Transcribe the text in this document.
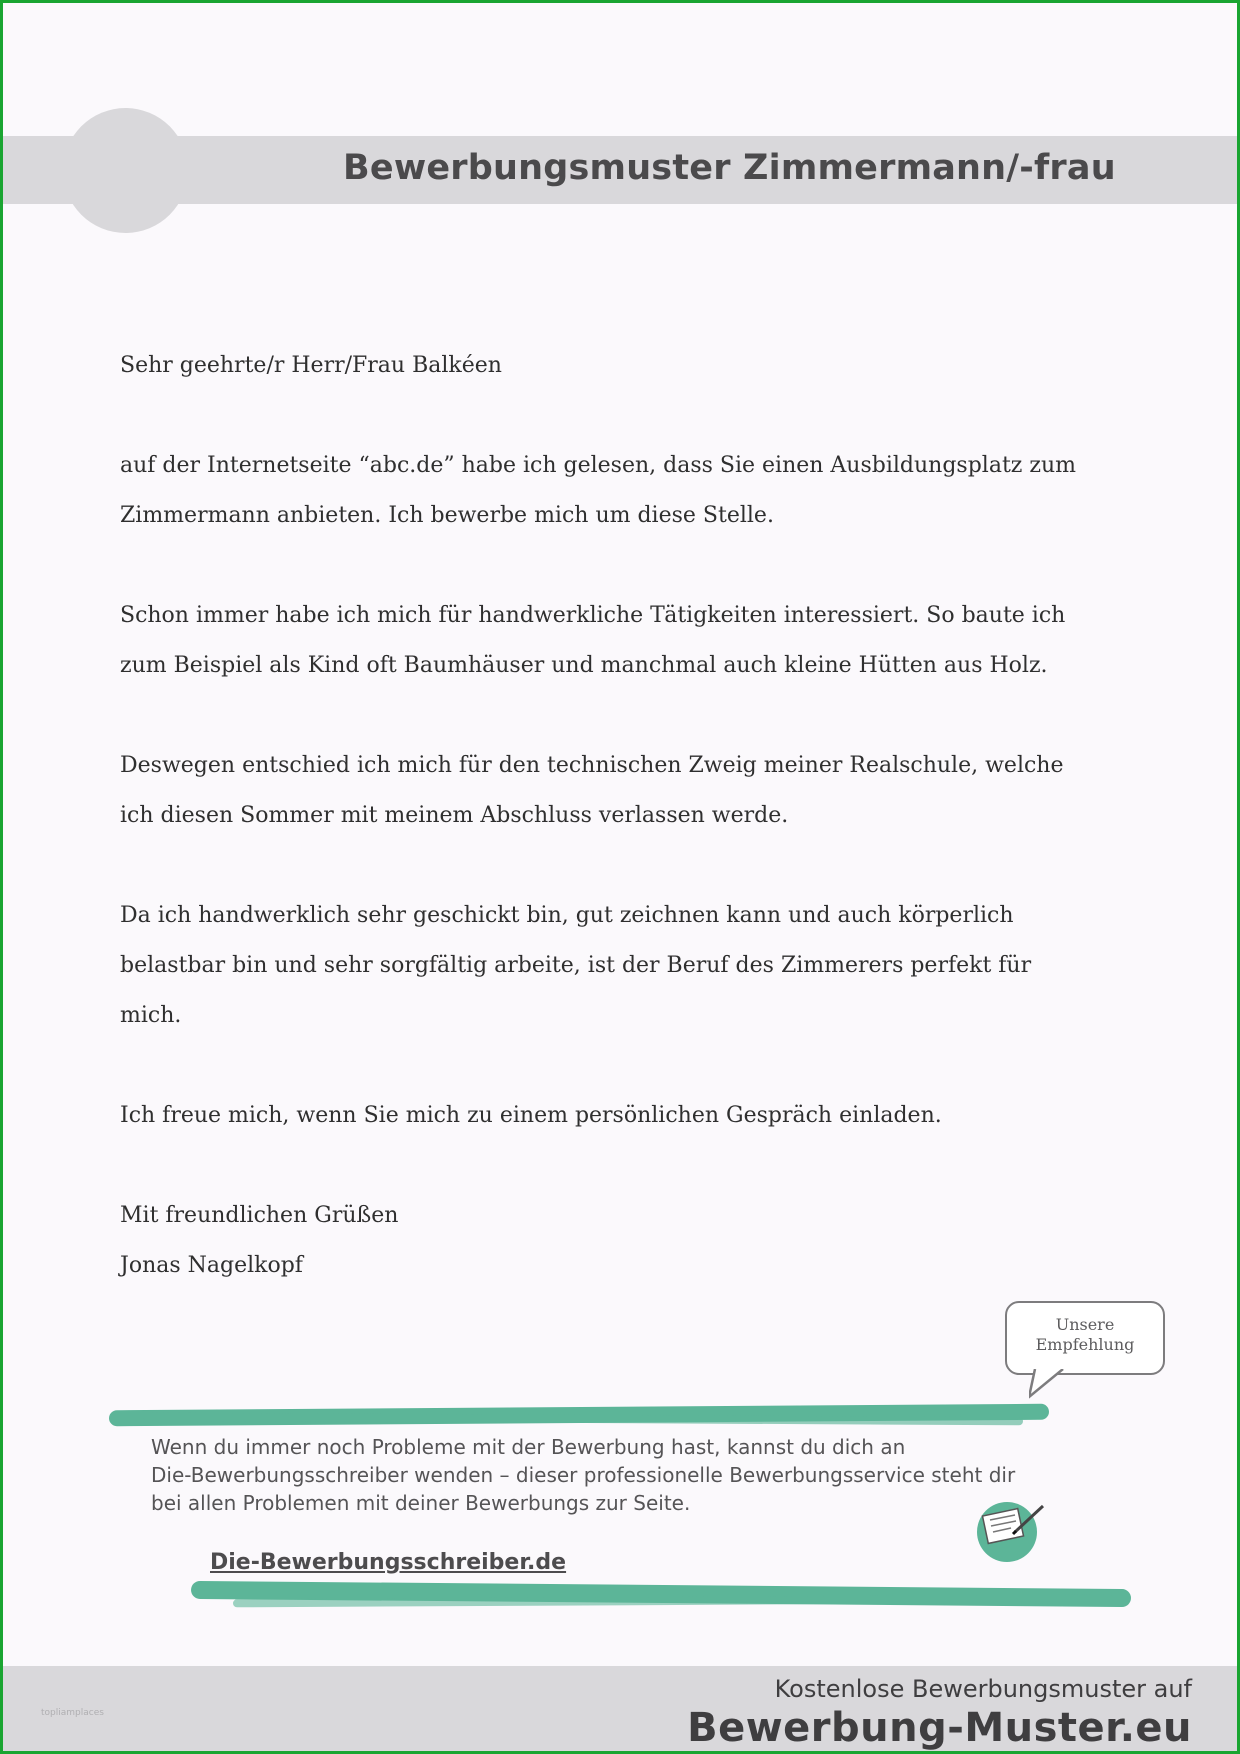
Bewerbungsmuster Zimmermann/-frau

Sehr geehrte/r Herr/Frau Balkéen

auf der Internetseite “abc.de” habe ich gelesen, dass Sie einen Ausbildungsplatz zum

Zimmermann anbieten. Ich bewerbe mich um diese Stelle.

Schon immer habe ich mich für handwerkliche Tätigkeiten interessiert. So baute ich

zum Beispiel als Kind oft Baumhäuser und manchmal auch kleine Hütten aus Holz.

Deswegen entschied ich mich für den technischen Zweig meiner Realschule, welche

ich diesen Sommer mit meinem Abschluss verlassen werde.

Da ich handwerklich sehr geschickt bin, gut zeichnen kann und auch körperlich

belastbar bin und sehr sorgfältig arbeite, ist der Beruf des Zimmerers perfekt für

mich.

Ich freue mich, wenn Sie mich zu einem persönlichen Gespräch einladen.

Mit freundlichen Grüßen

Jonas Nagelkopf

Unsere
Empfehlung
Wenn du immer noch Probleme mit der Bewerbung hast, kannst du dich an
Die-Bewerbungsschreiber wenden – dieser professionelle Bewerbungsservice steht dir
bei allen Problemen mit deiner Bewerbungs zur Seite.
Die-Bewerbungsschreiber.de
topliamplaces
Kostenlose Bewerbungsmuster auf
Bewerbung-Muster.eu
